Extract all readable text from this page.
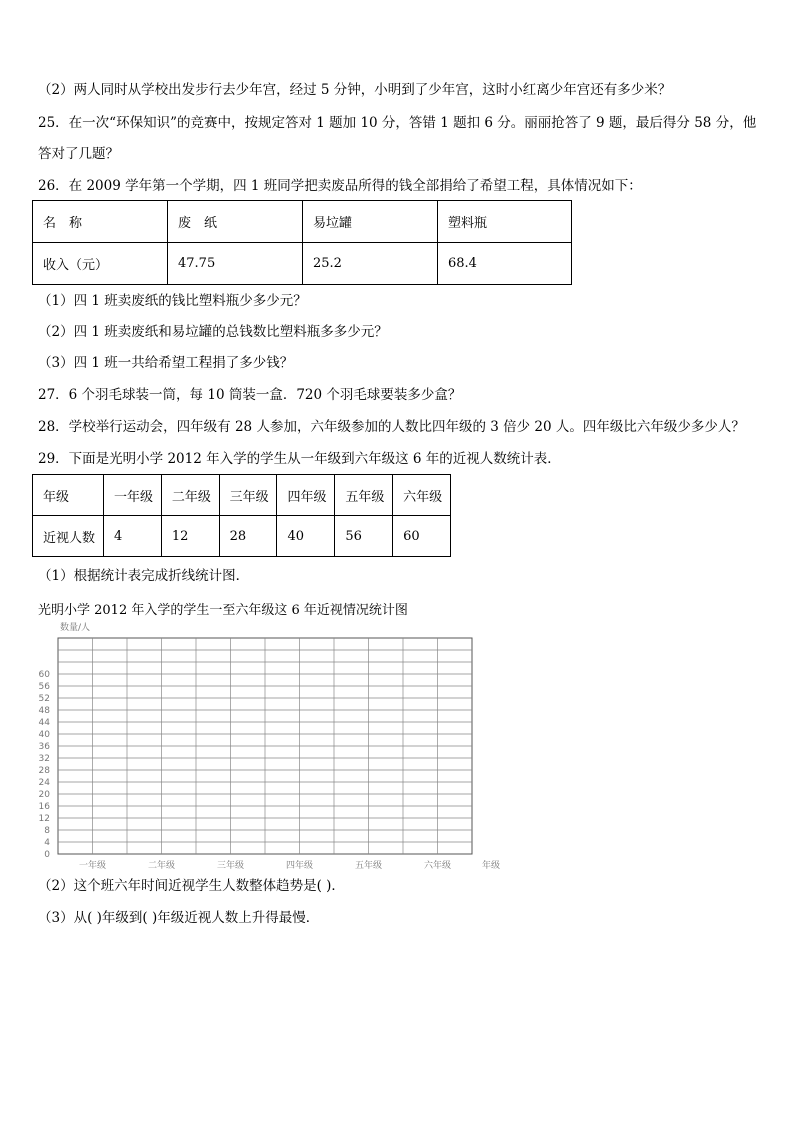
（2）两人同时从学校出发步行去少年宫，经过 5 分钟，小明到了少年宫，这时小红离少年宫还有多少米？
25．在一次“环保知识”的竞赛中，按规定答对 1 题加 10 分，答错 1 题扣 6 分。丽丽抢答了 9 题，最后得分 58 分，他
答对了几题？
26．在 2009 学年第一个学期，四 1 班同学把卖废品所得的钱全部捐给了希望工程，具体情况如下：
名　称	废　纸	易垃罐	塑料瓶
收入（元）	47.75	25.2	68.4
（1）四 1 班卖废纸的钱比塑料瓶少多少元？
（2）四 1 班卖废纸和易垃罐的总钱数比塑料瓶多多少元？
（3）四 1 班一共给希望工程捐了多少钱？
27．6 个羽毛球装一筒，每 10 筒装一盒．720 个羽毛球要装多少盒？
28．学校举行运动会，四年级有 28 人参加，六年级参加的人数比四年级的 3 倍少 20 人。四年级比六年级少多少人？
29．下面是光明小学 2012 年入学的学生从一年级到六年级这 6 年的近视人数统计表．
年级	一年级	二年级	三年级	四年级	五年级	六年级
近视人数	4	12	28	40	56	60
（1）根据统计表完成折线统计图．
光明小学 2012 年入学的学生一至六年级这 6 年近视情况统计图
0
4
8
12
16
20
24
28
32
36
40
44
48
52
56
60
一年级	二年级	三年级	四年级	五年级	六年级
数量/人
年级
（2）这个班六年时间近视学生人数整体趋势是( )．
（3）从( )年级到( )年级近视人数上升得最慢．
